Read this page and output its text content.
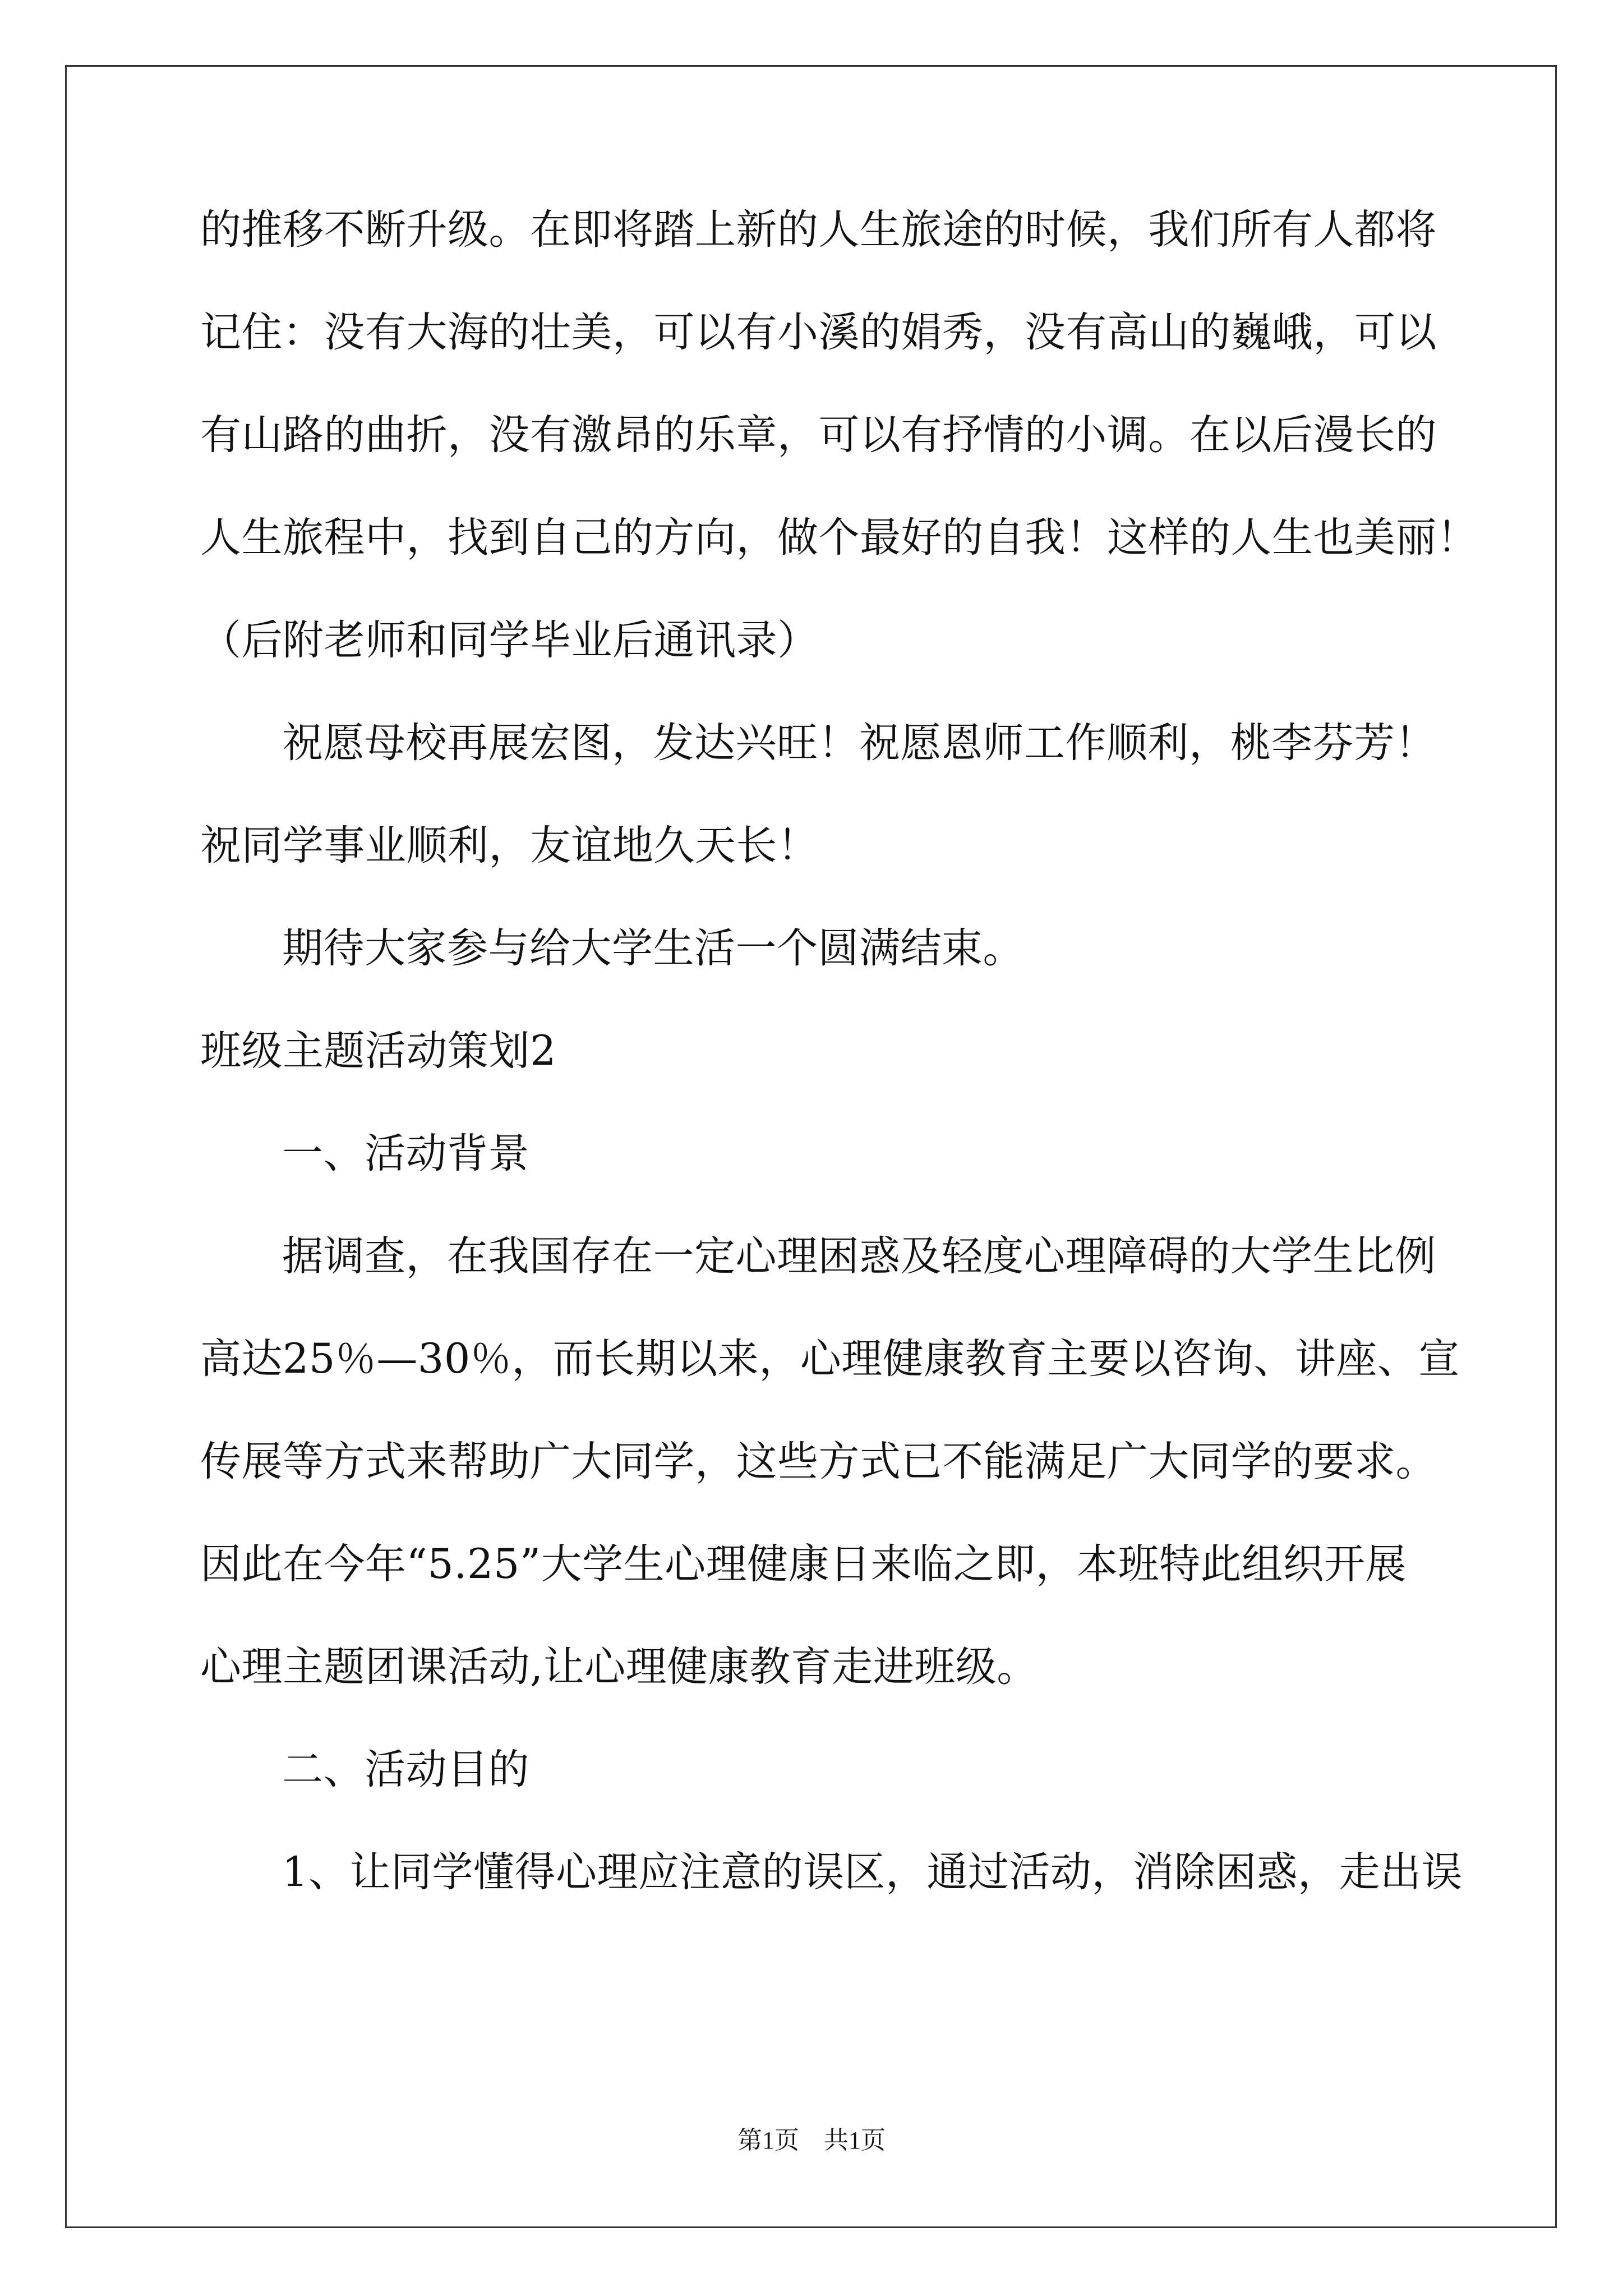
的推移不断升级。在即将踏上新的人生旅途的时候，我们所有人都将
记住：没有大海的壮美，可以有小溪的娟秀，没有高山的巍峨，可以
有山路的曲折，没有激昂的乐章，可以有抒情的小调。在以后漫长的
人生旅程中，找到自己的方向，做个最好的自我！这样的人生也美丽！
（后附老师和同学毕业后通讯录）
祝愿母校再展宏图，发达兴旺！祝愿恩师工作顺利，桃李芬芳！
祝同学事业顺利，友谊地久天长！
期待大家参与给大学生活一个圆满结束。
班级主题活动策划2
一、活动背景
据调查，在我国存在一定心理困惑及轻度心理障碍的大学生比例
高达25％—30％，而长期以来，心理健康教育主要以咨询、讲座、宣
传展等方式来帮助广大同学，这些方式已不能满足广大同学的要求。
因此在今年“5.25”大学生心理健康日来临之即，本班特此组织开展
心理主题团课活动,让心理健康教育走进班级。
二、活动目的
1、让同学懂得心理应注意的误区，通过活动，消除困惑，走出误
第1页　共1页
